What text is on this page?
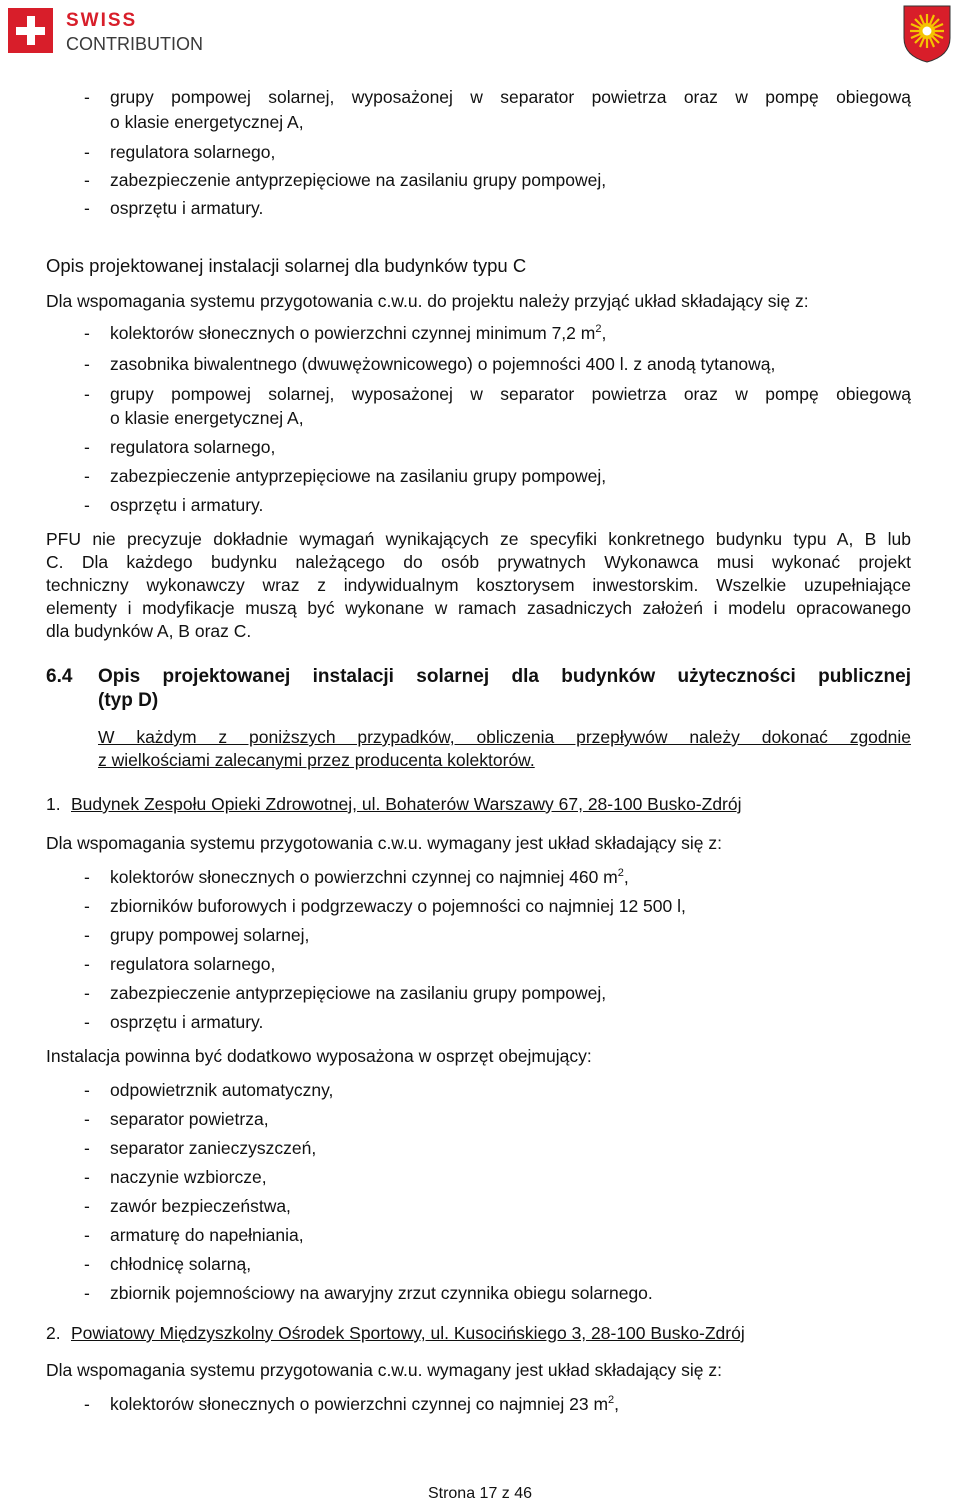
SWISS
CONTRIBUTION
- grupy pompowej solarnej, wyposażonej w separator powietrza oraz w pompę obiegową
o klasie energetycznej A,
- regulatora solarnego,
- zabezpieczenie antyprzepięciowe na zasilaniu grupy pompowej,
- osprzętu i armatury.
Opis projektowanej instalacji solarnej dla budynków typu C
Dla wspomagania systemu przygotowania c.w.u. do projektu należy przyjąć układ składający się z:
- kolektorów słonecznych o powierzchni czynnej minimum 7,2 $m^2$,
- zasobnika biwalentnego (dwuwężownicowego) o pojemności 400 l. z anodą tytanową,
- grupy pompowej solarnej, wyposażonej w separator powietrza oraz w pompę obiegową
o klasie energetycznej A,
- regulatora solarnego,
- zabezpieczenie antyprzepięciowe na zasilaniu grupy pompowej,
- osprzętu i armatury.
PFU nie precyzuje dokładnie wymagań wynikających ze specyfiki konkretnego budynku typu A, B lub
C. Dla każdego budynku należącego do osób prywatnych Wykonawca musi wykonać projekt
techniczny wykonawczy wraz z indywidualnym kosztorysem inwestorskim. Wszelkie uzupełniające
elementy i modyfikacje muszą być wykonane w ramach zasadniczych założeń i modelu opracowanego
dla budynków A, B oraz C.
6.4 Opis projektowanej instalacji solarnej dla budynków użyteczności publicznej
(typ D)
W każdym z poniższych przypadków, obliczenia przepływów należy dokonać zgodnie
z wielkościami zalecanymi przez producenta kolektorów.
1. Budynek Zespołu Opieki Zdrowotnej, ul. Bohaterów Warszawy 67, 28-100 Busko-Zdrój
Dla wspomagania systemu przygotowania c.w.u. wymagany jest układ składający się z:
- kolektorów słonecznych o powierzchni czynnej co najmniej 460 $m^2$,
- zbiorników buforowych i podgrzewaczy o pojemności co najmniej 12 500 l,
- grupy pompowej solarnej,
- regulatora solarnego,
- zabezpieczenie antyprzepięciowe na zasilaniu grupy pompowej,
- osprzętu i armatury.
Instalacja powinna być dodatkowo wyposażona w osprzęt obejmujący:
- odpowietrznik automatyczny,
- separator powietrza,
- separator zanieczyszczeń,
- naczynie wzbiorcze,
- zawór bezpieczeństwa,
- armaturę do napełniania,
- chłodnicę solarną,
- zbiornik pojemnościowy na awaryjny zrzut czynnika obiegu solarnego.
2. Powiatowy Międzyszkolny Ośrodek Sportowy, ul. Kusocińskiego 3, 28-100 Busko-Zdrój
Dla wspomagania systemu przygotowania c.w.u. wymagany jest układ składający się z:
- kolektorów słonecznych o powierzchni czynnej co najmniej 23 $m^2$,
Strona 17 z 46
